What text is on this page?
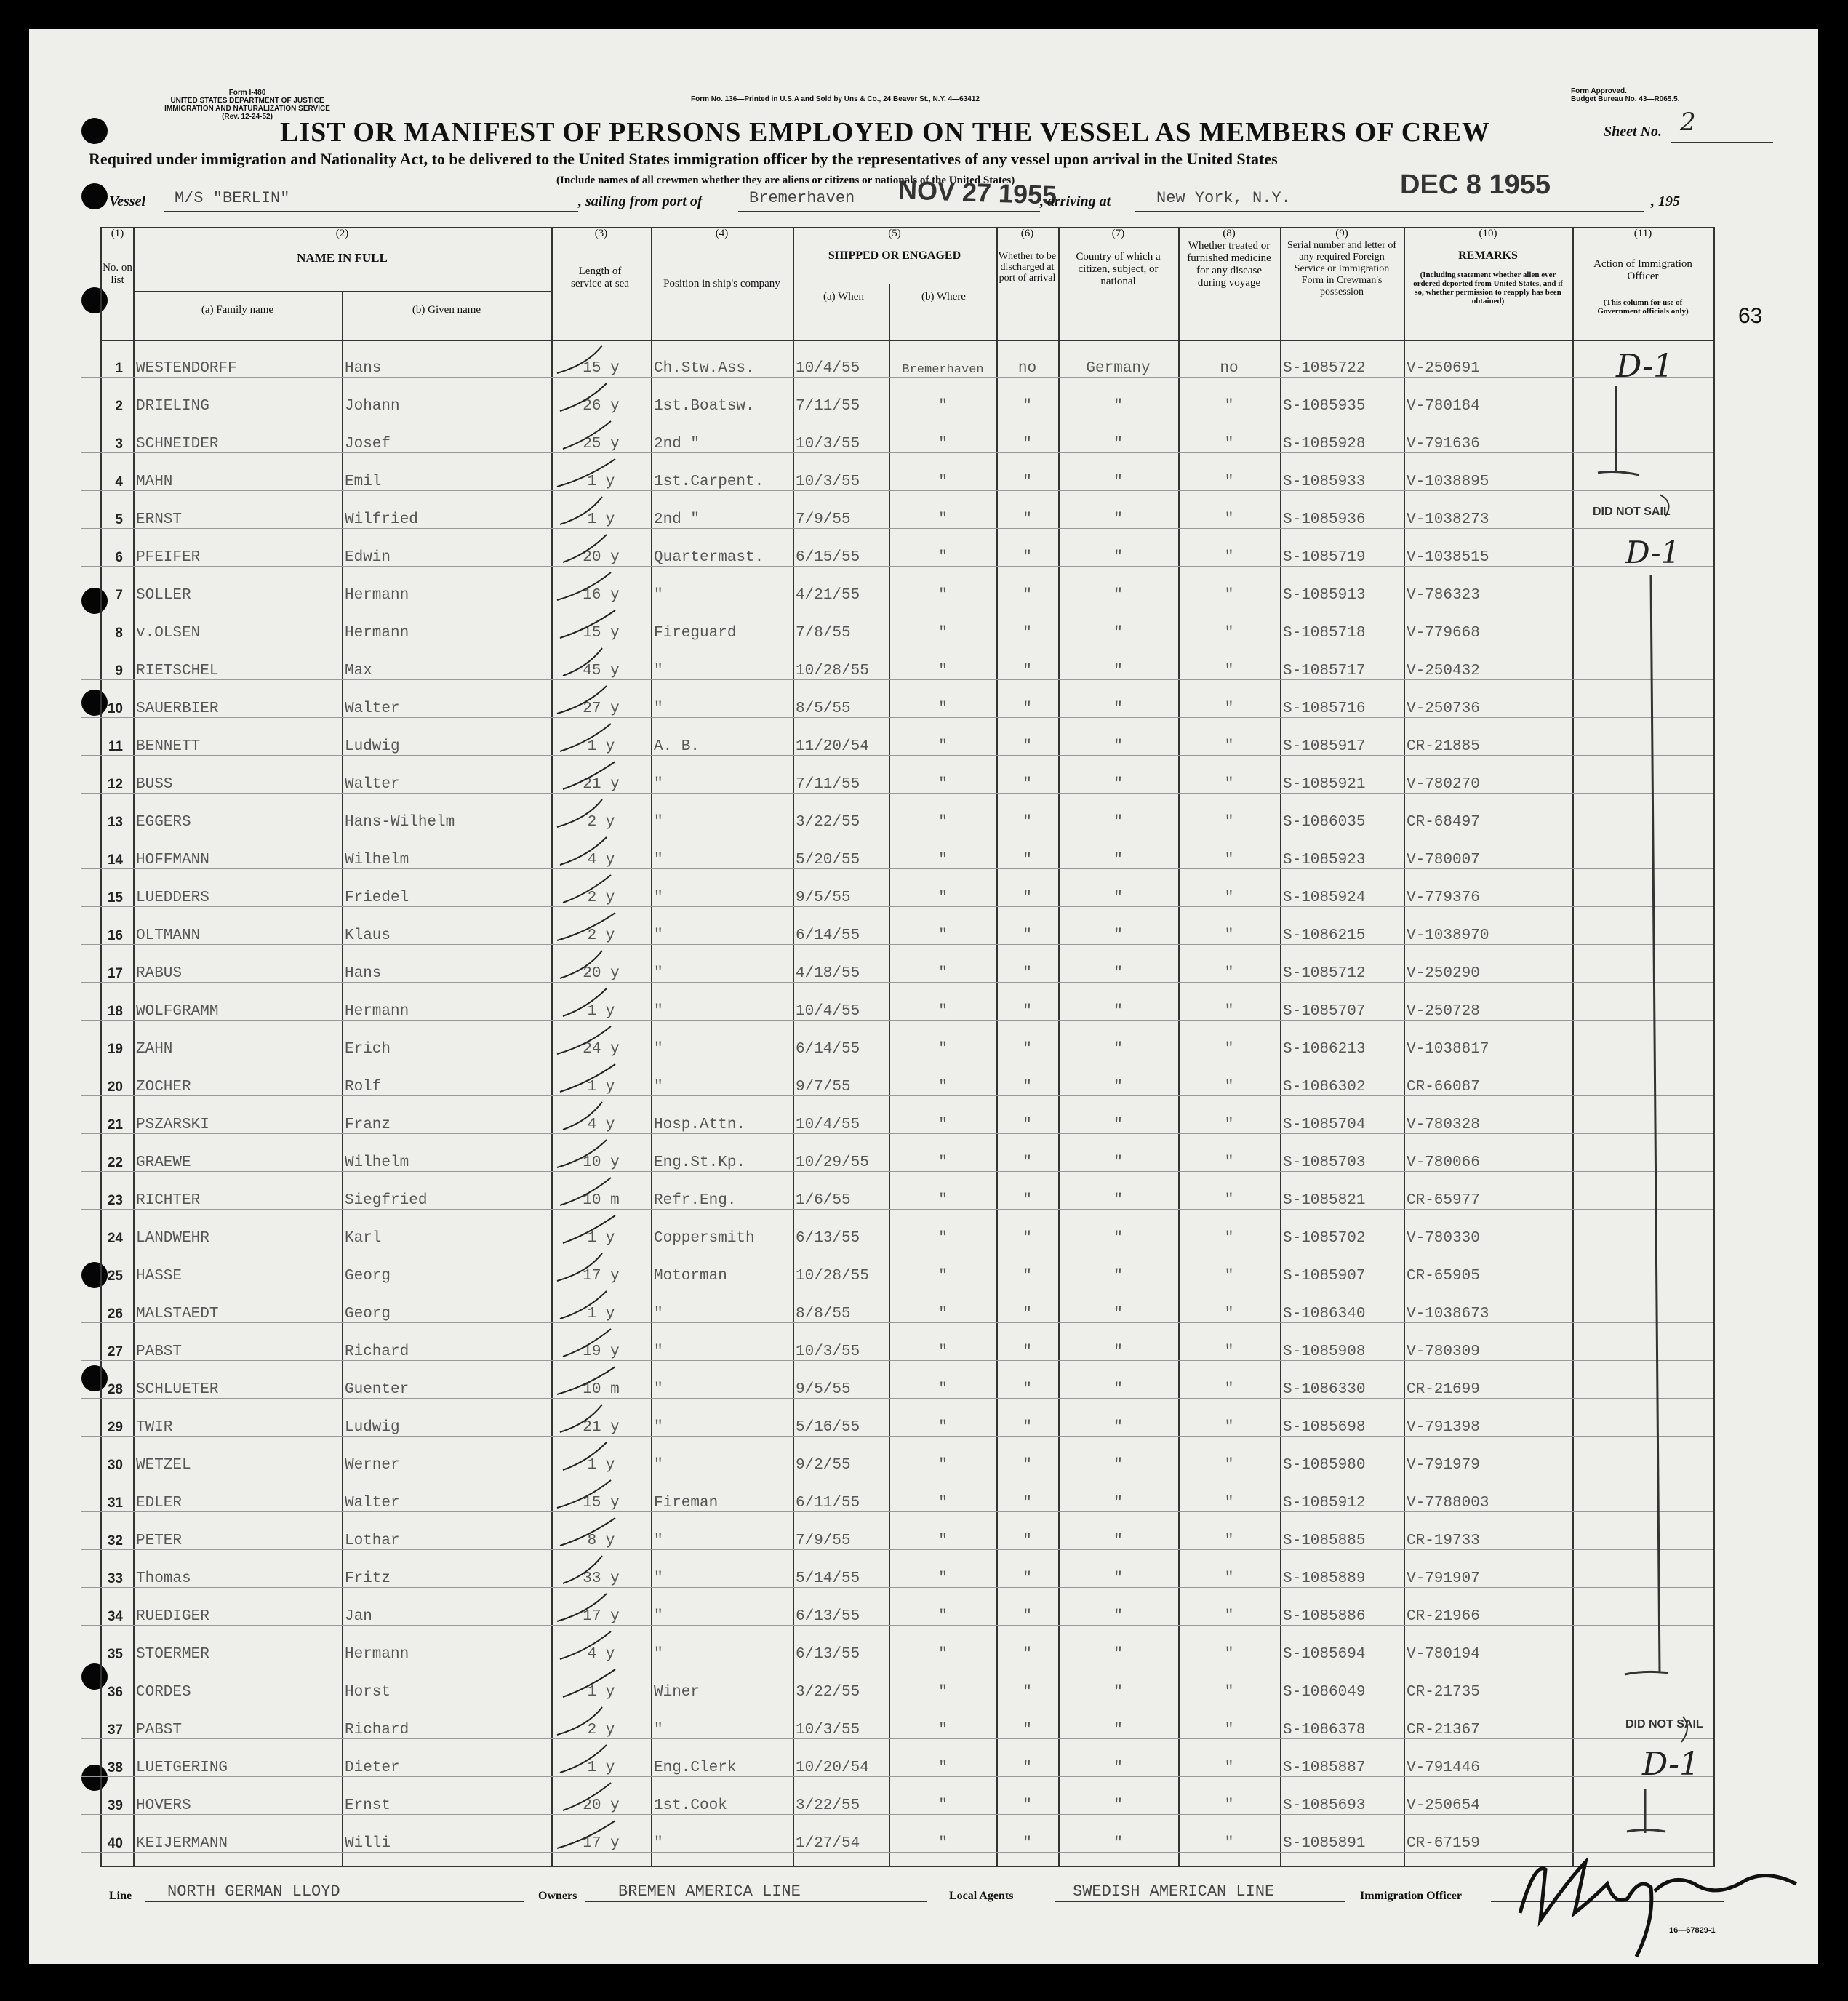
Form I-480
UNITED STATES DEPARTMENT OF JUSTICE
IMMIGRATION AND NATURALIZATION SERVICE
(Rev. 12-24-52)
Form No. 136—Printed in U.S.A and Sold by Uns & Co., 24 Beaver St., N.Y. 4—63412
Form Approved.
Budget Bureau No. 43—R065.5.
LIST OR MANIFEST OF PERSONS EMPLOYED ON THE VESSEL AS MEMBERS OF CREW	Sheet No. 2
Required under immigration and Nationality Act, to be delivered to the United States immigration officer by the representatives of any vessel upon arrival in the United States
(Include names of all crewmen whether they are aliens or citizens or nationals of the United States)
Vessel M/S "BERLIN"	, sailing from port of	Bremerhaven NOV 27 1955
, arriving at	New York, N.Y.	DEC 8 1955
, 195
63
(1)
No. on list
(2)
NAME IN FULL
(a) Family name	(b) Given name
(3)
Length of service at sea
(4)
Position in ship's company
(5)
SHIPPED OR ENGAGED
(a) When	(b) Where
(6)
Whether to be discharged at port of arrival
(7)
Country of which a citizen, subject, or national
(8)
Whether treated or furnished medicine for any disease during voyage
(9)
Serial number and letter of any required Foreign Service or Immigration Form in Crewman's possession
(10)
REMARKS
(Including statement whether alien ever ordered deported from United States, and if so, whether permission to reapply has been obtained)
(11)
Action of Immigration Officer
(This column for use of Government officials only)
1	WESTENDORFF	Hans	15 y	Ch.Stw.Ass.	10/4/55	Bremerhaven	no	Germany	no	S-1085722	V-250691	
2	DRIELING	Johann	26 y	1st.Boatsw.	7/11/55	"	"	"	"	S-1085935	V-780184	
3	SCHNEIDER	Josef	25 y	2nd "	10/3/55	"	"	"	"	S-1085928	V-791636	
4	MAHN	Emil	1 y	1st.Carpent.	10/3/55	"	"	"	"	S-1085933	V-1038895	
5	ERNST	Wilfried	1 y	2nd "	7/9/55	"	"	"	"	S-1085936	V-1038273	
6	PFEIFER	Edwin	20 y	Quartermast.	6/15/55	"	"	"	"	S-1085719	V-1038515	
7	SOLLER	Hermann	16 y	"	4/21/55	"	"	"	"	S-1085913	V-786323	
8	v.OLSEN	Hermann	15 y	Fireguard	7/8/55	"	"	"	"	S-1085718	V-779668	
9	RIETSCHEL	Max	45 y	"	10/28/55	"	"	"	"	S-1085717	V-250432	
10	SAUERBIER	Walter	27 y	"	8/5/55	"	"	"	"	S-1085716	V-250736	
11	BENNETT	Ludwig	1 y	A. B.	11/20/54	"	"	"	"	S-1085917	CR-21885	
12	BUSS	Walter	21 y	"	7/11/55	"	"	"	"	S-1085921	V-780270	
13	EGGERS	Hans-Wilhelm	2 y	"	3/22/55	"	"	"	"	S-1086035	CR-68497	
14	HOFFMANN	Wilhelm	4 y	"	5/20/55	"	"	"	"	S-1085923	V-780007	
15	LUEDDERS	Friedel	2 y	"	9/5/55	"	"	"	"	S-1085924	V-779376	
16	OLTMANN	Klaus	2 y	"	6/14/55	"	"	"	"	S-1086215	V-1038970	
17	RABUS	Hans	20 y	"	4/18/55	"	"	"	"	S-1085712	V-250290	
18	WOLFGRAMM	Hermann	1 y	"	10/4/55	"	"	"	"	S-1085707	V-250728	
19	ZAHN	Erich	24 y	"	6/14/55	"	"	"	"	S-1086213	V-1038817	
20	ZOCHER	Rolf	1 y	"	9/7/55	"	"	"	"	S-1086302	CR-66087	
21	PSZARSKI	Franz	4 y	Hosp.Attn.	10/4/55	"	"	"	"	S-1085704	V-780328	
22	GRAEWE	Wilhelm	10 y	Eng.St.Kp.	10/29/55	"	"	"	"	S-1085703	V-780066	
23	RICHTER	Siegfried	10 m	Refr.Eng.	1/6/55	"	"	"	"	S-1085821	CR-65977	
24	LANDWEHR	Karl	1 y	Coppersmith	6/13/55	"	"	"	"	S-1085702	V-780330	
25	HASSE	Georg	17 y	Motorman	10/28/55	"	"	"	"	S-1085907	CR-65905	
26	MALSTAEDT	Georg	1 y	"	8/8/55	"	"	"	"	S-1086340	V-1038673	
27	PABST	Richard	19 y	"	10/3/55	"	"	"	"	S-1085908	V-780309	
28	SCHLUETER	Guenter	10 m	"	9/5/55	"	"	"	"	S-1086330	CR-21699	
29	TWIR	Ludwig	21 y	"	5/16/55	"	"	"	"	S-1085698	V-791398	
30	WETZEL	Werner	1 y	"	9/2/55	"	"	"	"	S-1085980	V-791979	
31	EDLER	Walter	15 y	Fireman	6/11/55	"	"	"	"	S-1085912	V-7788003	
32	PETER	Lothar	8 y	"	7/9/55	"	"	"	"	S-1085885	CR-19733	
33	Thomas	Fritz	33 y	"	5/14/55	"	"	"	"	S-1085889	V-791907	
34	RUEDIGER	Jan	17 y	"	6/13/55	"	"	"	"	S-1085886	CR-21966	
35	STOERMER	Hermann	4 y	"	6/13/55	"	"	"	"	S-1085694	V-780194	
36	CORDES	Horst	1 y	Winer	3/22/55	"	"	"	"	S-1086049	CR-21735	
37	PABST	Richard	2 y	"	10/3/55	"	"	"	"	S-1086378	CR-21367	
38	LUETGERING	Dieter	1 y	Eng.Clerk	10/20/54	"	"	"	"	S-1085887	V-791446	
39	HOVERS	Ernst	20 y	1st.Cook	3/22/55	"	"	"	"	S-1085693	V-250654	
40	KEIJERMANN	Willi	17 y	"	1/27/54	"	"	"	"	S-1085891	CR-67159	
D-1
DID NOT SAIL
D-1
DID NOT SAIL
D-1
Line NORTH GERMAN LLOYD	Owners	BREMEN AMERICA LINE	Local Agents	SWEDISH AMERICAN LINE	Immigration Officer
16—67829-1
